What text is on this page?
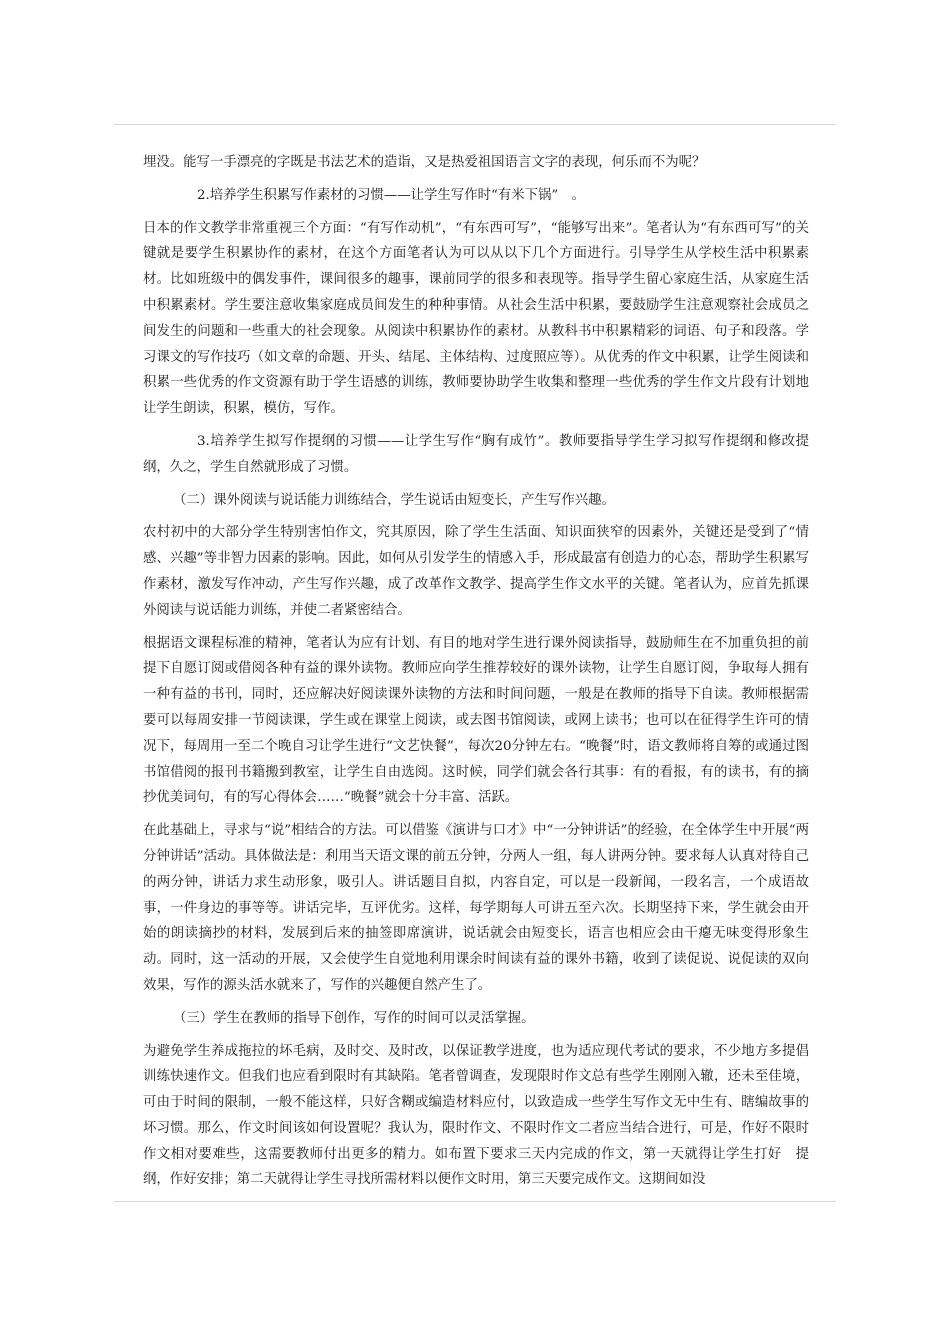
埋没。能写一手漂亮的字既是书法艺术的造诣，又是热爱祖国语言文字的表现，何乐而不为呢？

2.培养学生积累写作素材的习惯——让学生写作时“有米下锅”　。

日本的作文教学非常重视三个方面：“有写作动机”，“有东西可写”，“能够写出来”。笔者认为“有东西可写”的关键就是要学生积累协作的素材，在这个方面笔者认为可以从以下几个方面进行。引导学生从学校生活中积累素材。比如班级中的偶发事件，课间很多的趣事，课前同学的很多和表现等。指导学生留心家庭生活，从家庭生活中积累素材。学生要注意收集家庭成员间发生的种种事情。从社会生活中积累，要鼓励学生注意观察社会成员之间发生的问题和一些重大的社会现象。从阅读中积累协作的素材。从教科书中积累精彩的词语、句子和段落。学习课文的写作技巧（如文章的命题、开头、结尾、主体结构、过度照应等）。从优秀的作文中积累，让学生阅读和积累一些优秀的作文资源有助于学生语感的训练，教师要协助学生收集和整理一些优秀的学生作文片段有计划地让学生朗读，积累，模仿，写作。

3.培养学生拟写作提纲的习惯——让学生写作“胸有成竹”。教师要指导学生学习拟写作提纲和修改提纲，久之，学生自然就形成了习惯。

（二）课外阅读与说话能力训练结合，学生说话由短变长，产生写作兴趣。

农村初中的大部分学生特别害怕作文，究其原因，除了学生生活面、知识面狭窄的因素外，关键还是受到了“情感、兴趣”等非智力因素的影响。因此，如何从引发学生的情感入手，形成最富有创造力的心态，帮助学生积累写作素材，激发写作冲动，产生写作兴趣，成了改革作文教学、提高学生作文水平的关键。笔者认为，应首先抓课外阅读与说话能力训练，并使二者紧密结合。

根据语文课程标准的精神，笔者认为应有计划、有目的地对学生进行课外阅读指导，鼓励师生在不加重负担的前提下自愿订阅或借阅各种有益的课外读物。教师应向学生推荐较好的课外读物，让学生自愿订阅，争取每人拥有一种有益的书刊，同时，还应解决好阅读课外读物的方法和时间问题，一般是在教师的指导下自读。教师根据需要可以每周安排一节阅读课，学生或在课堂上阅读，或去图书馆阅读，或网上读书；也可以在征得学生许可的情况下，每周用一至二个晚自习让学生进行“文艺快餐”，每次20分钟左右。“晚餐”时，语文教师将自筹的或通过图书馆借阅的报刊书籍搬到教室，让学生自由选阅。这时候，同学们就会各行其事：有的看报，有的读书，有的摘抄优美词句，有的写心得体会……“晚餐”就会十分丰富、活跃。

在此基础上，寻求与“说”相结合的方法。可以借鉴《演讲与口才》中“一分钟讲话”的经验，在全体学生中开展“两分钟讲话”活动。具体做法是：利用当天语文课的前五分钟，分两人一组，每人讲两分钟。要求每人认真对待自己的两分钟，讲话力求生动形象，吸引人。讲话题目自拟，内容自定，可以是一段新闻，一段名言，一个成语故事，一件身边的事等等。讲话完毕，互评优劣。这样，每学期每人可讲五至六次。长期坚持下来，学生就会由开始的朗读摘抄的材料，发展到后来的抽签即席演讲，说话就会由短变长，语言也相应会由干瘪无味变得形象生动。同时，这一活动的开展，又会使学生自觉地利用课余时间读有益的课外书籍，收到了读促说、说促读的双向效果，写作的源头活水就来了，写作的兴趣便自然产生了。

（三）学生在教师的指导下创作，写作的时间可以灵活掌握。

为避免学生养成拖拉的坏毛病，及时交、及时改，以保证教学进度，也为适应现代考试的要求，不少地方多提倡训练快速作文。但我们也应看到限时有其缺陷。笔者曾调查，发现限时作文总有些学生刚刚入辙，还未至佳境，可由于时间的限制，一般不能这样，只好含糊或编造材料应付，以致造成一些学生写作文无中生有、瞎编故事的坏习惯。那么，作文时间该如何设置呢？我认为，限时作文、不限时作文二者应当结合进行，可是，作好不限时作文相对要难些，这需要教师付出更多的精力。如布置下要求三天内完成的作文，第一天就得让学生打好　提纲，作好安排；第二天就得让学生寻找所需材料以便作文时用，第三天要完成作文。这期间如没
